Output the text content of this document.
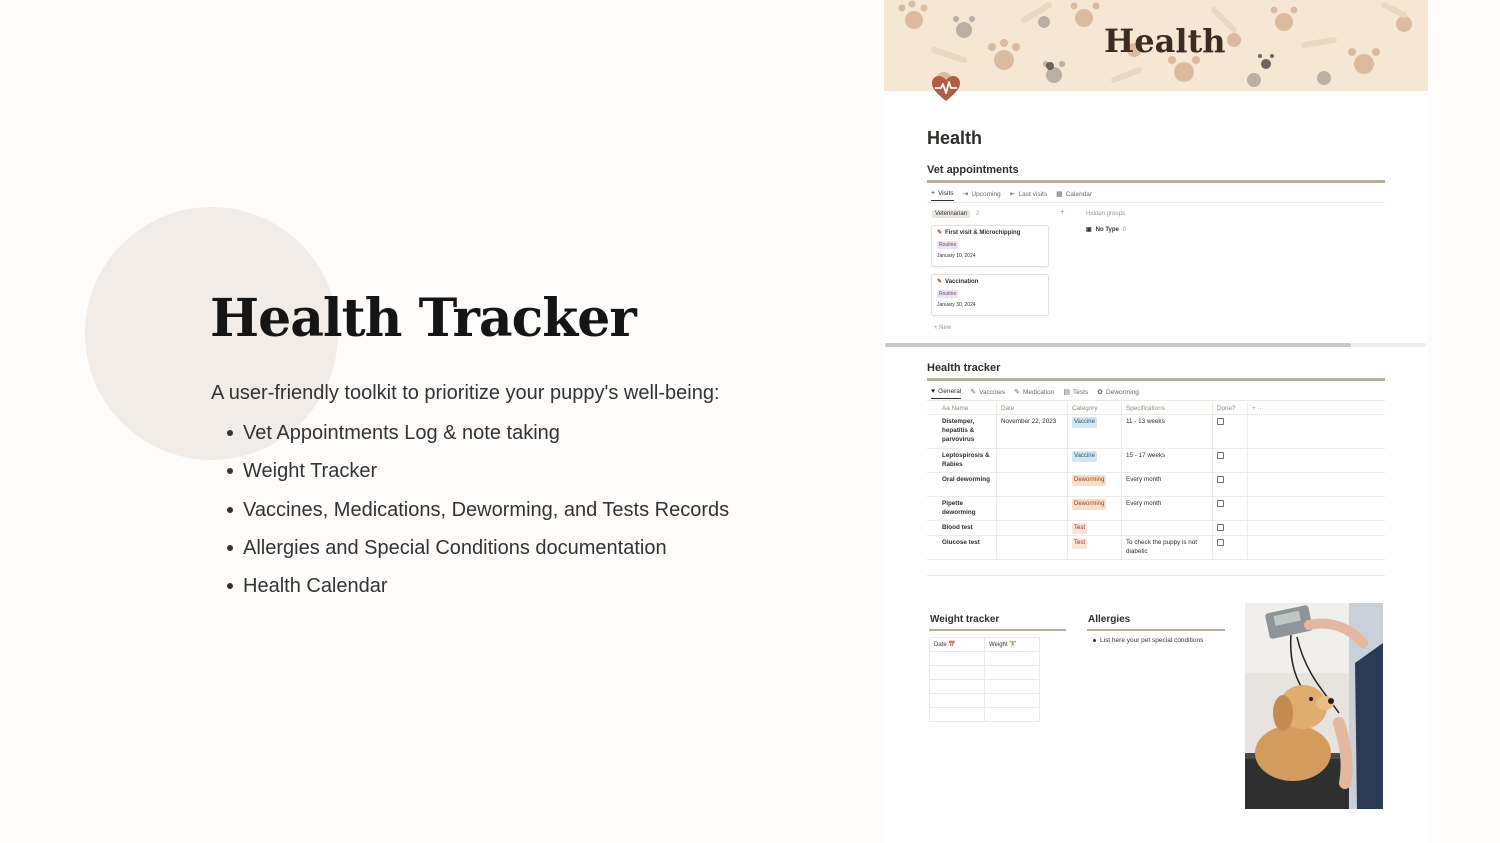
Health Tracker

A user-friendly toolkit to prioritize your puppy's well-being:

Vet Appointments Log & note taking
Weight Tracker
Vaccines, Medications, Deworming, and Tests Records
Allergies and Special Conditions documentation
Health Calendar
Health
Health
Vet appointments
+ Visits ⇥ Upcoming ⇤ Last visits ▦ Calendar
Veterinarian	2	+	Hidden groups
▣ No Type 0
✎ First visit & Microchipping
Routine
January 10, 2024
✎ Vaccination
Routine
January 30, 2024
+ New
Health tracker
♥ General ✎ Vaccines ✎ Medication ▤ Tests ✿ Deworming
Aa Name	Date	Category	Specifications	Done?	+ ···
Distemper, hepatitis & parvovirus
November 22, 2023	Vaccine	11 - 13 weeks
Leptospirosis & Rabies
Vaccine	15 - 17 weeks
Oral deworming	Deworming	Every month
Pipette deworming
Deworming	Every month
Blood test	Test
Glucose test	Test	To check the puppy is not diabetic
Weight tracker
Date 📅	Weight 🏋

Allergies
List here your pet special conditions
